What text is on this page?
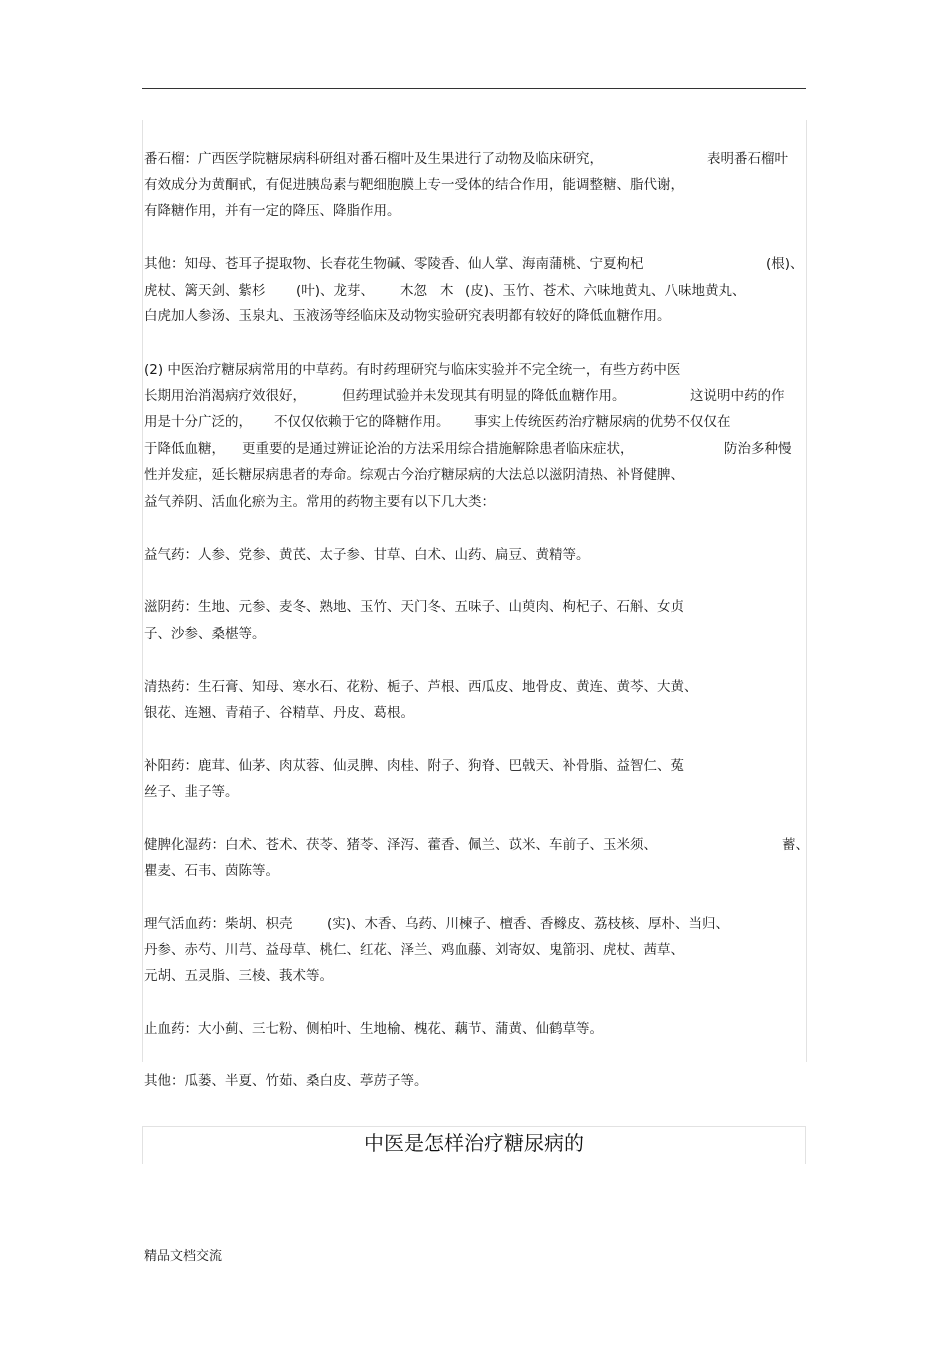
番石榴：广西医学院糖尿病科研组对番石榴叶及生果进行了动物及临床研究，	表明番石榴叶
有效成分为黄酮甙，有促进胰岛素与靶细胞膜上专一受体的结合作用，能调整糖、脂代谢，
有降糖作用，并有一定的降压、降脂作用。
其他：知母、苍耳子提取物、长春花生物碱、零陵香、仙人掌、海南蒲桃、宁夏枸杞	(根)、
虎杖、篱天剑、紫杉 (叶)、龙芽、 木忽 木 (皮)、玉竹、苍术、六味地黄丸、八味地黄丸、
白虎加人参汤、玉泉丸、玉液汤等经临床及动物实验研究表明都有较好的降低血糖作用。
(2) 中医治疗糖尿病常用的中草药。有时药理研究与临床实验并不完全统一，有些方药中医
长期用治消渴病疗效很好，	但药理试验并未发现其有明显的降低血糖作用。	这说明中药的作
用是十分广泛的， 不仅仅依赖于它的降糖作用。 事实上传统医药治疗糖尿病的优势不仅仅在
于降低血糖， 更重要的是通过辨证论治的方法采用综合措施解除患者临床症状，	防治多种慢
性并发症，延长糖尿病患者的寿命。综观古今治疗糖尿病的大法总以滋阴清热、补肾健脾、
益气养阴、活血化瘀为主。常用的药物主要有以下几大类：
益气药：人参、党参、黄芪、太子参、甘草、白术、山药、扁豆、黄精等。
滋阴药：生地、元参、麦冬、熟地、玉竹、天门冬、五味子、山萸肉、枸杞子、石斛、女贞
子、沙参、桑椹等。
清热药：生石膏、知母、寒水石、花粉、栀子、芦根、西瓜皮、地骨皮、黄连、黄芩、大黄、
银花、连翘、青葙子、谷精草、丹皮、葛根。
补阳药：鹿茸、仙茅、肉苁蓉、仙灵脾、肉桂、附子、狗脊、巴戟天、补骨脂、益智仁、菟
丝子、韭子等。
健脾化湿药：白术、苍术、茯苓、猪苓、泽泻、藿香、佩兰、苡米、车前子、玉米须、	蓄、
瞿麦、石韦、茵陈等。
理气活血药：柴胡、枳壳	(实)、木香、乌药、川楝子、檀香、香橼皮、荔枝核、厚朴、当归、
丹参、赤芍、川芎、益母草、桃仁、红花、泽兰、鸡血藤、刘寄奴、鬼箭羽、虎杖、茜草、
元胡、五灵脂、三棱、莪术等。
止血药：大小蓟、三七粉、侧柏叶、生地榆、槐花、藕节、蒲黄、仙鹤草等。
其他：瓜蒌、半夏、竹茹、桑白皮、葶苈子等。
中医是怎样治疗糖尿病的
精品文档交流
